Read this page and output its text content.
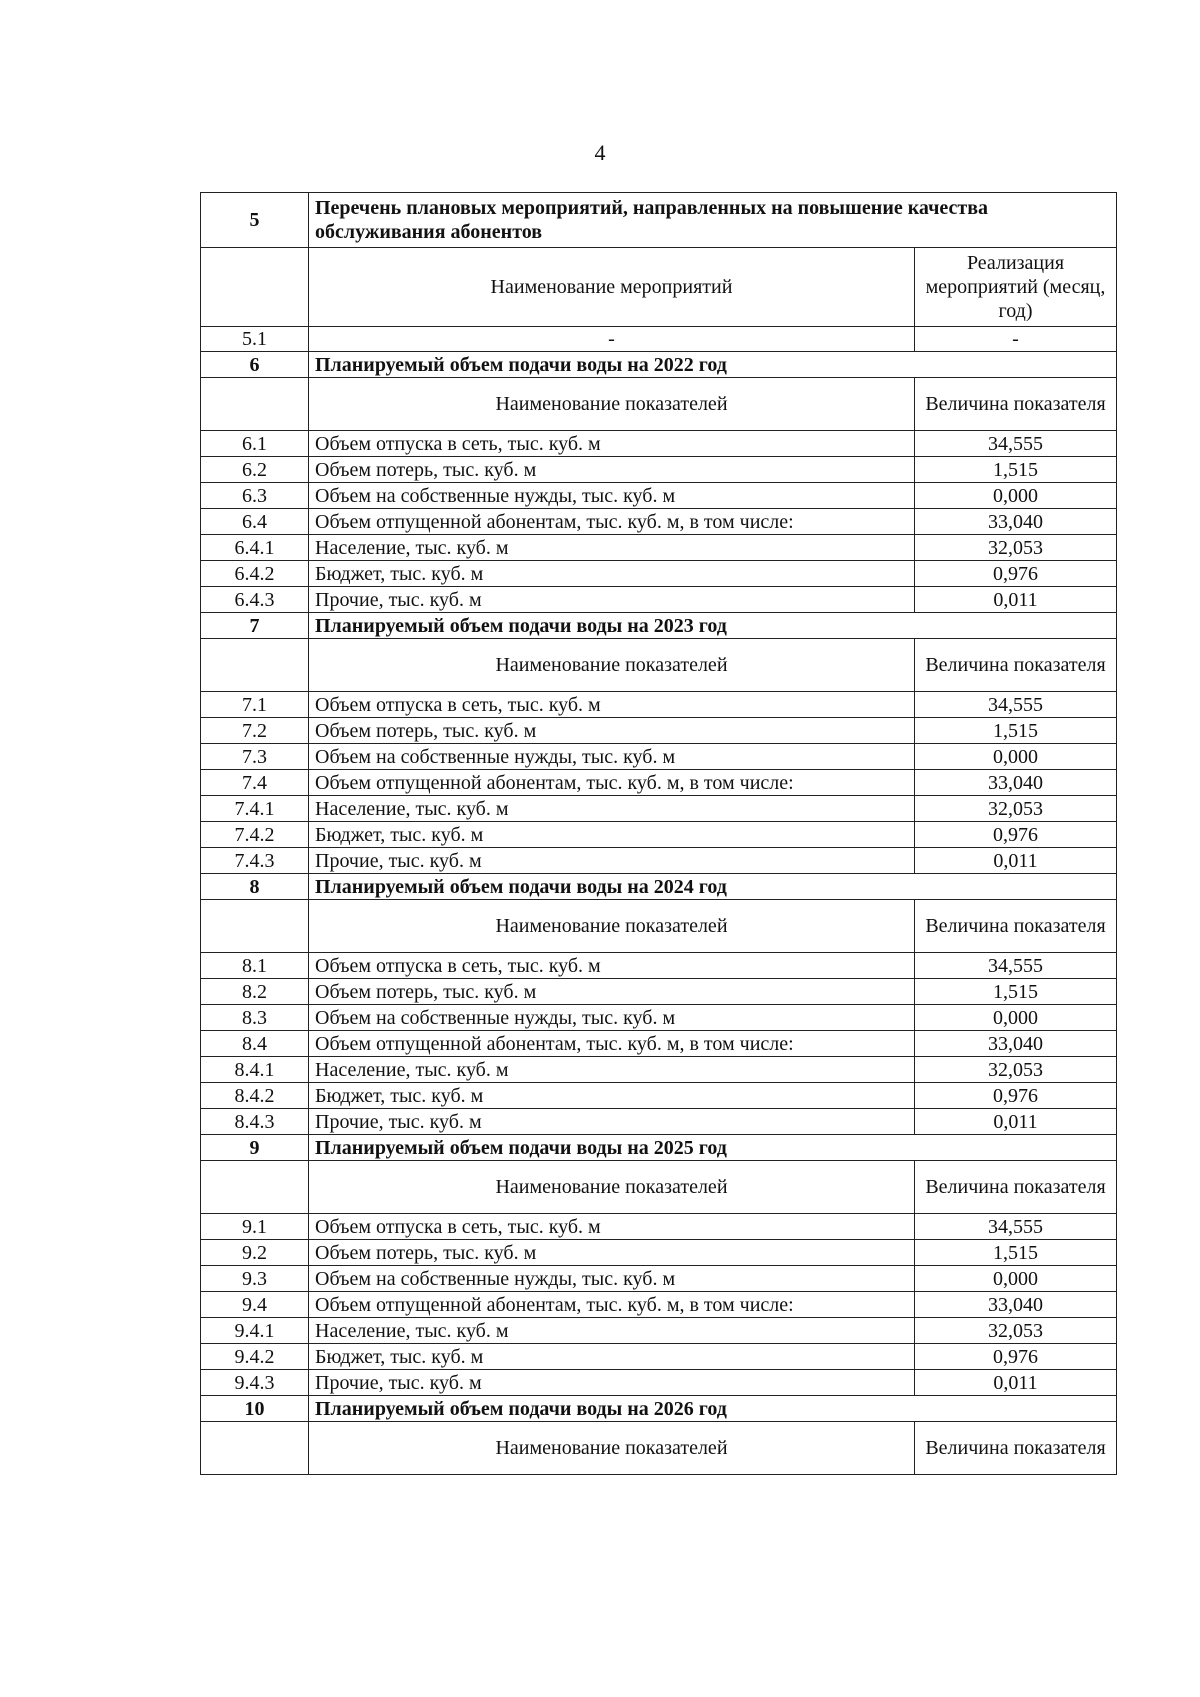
4
5	Перечень плановых мероприятий, направленных на повышение качества обслуживания абонентов	
	Наименование мероприятий	Реализация мероприятий (месяц, год)
5.1	-	-
6	Планируемый объем подачи воды на 2022 год	
	Наименование показателей	Величина показателя
6.1	Объем отпуска в сеть, тыс. куб. м	34,555
6.2	Объем потерь, тыс. куб. м	1,515
6.3	Объем на собственные нужды, тыс. куб. м	0,000
6.4	Объем отпущенной абонентам, тыс. куб. м, в том числе:	33,040
6.4.1	Население, тыс. куб. м	32,053
6.4.2	Бюджет, тыс. куб. м	0,976
6.4.3	Прочие, тыс. куб. м	0,011
7	Планируемый объем подачи воды на 2023 год	
	Наименование показателей	Величина показателя
7.1	Объем отпуска в сеть, тыс. куб. м	34,555
7.2	Объем потерь, тыс. куб. м	1,515
7.3	Объем на собственные нужды, тыс. куб. м	0,000
7.4	Объем отпущенной абонентам, тыс. куб. м, в том числе:	33,040
7.4.1	Население, тыс. куб. м	32,053
7.4.2	Бюджет, тыс. куб. м	0,976
7.4.3	Прочие, тыс. куб. м	0,011
8	Планируемый объем подачи воды на 2024 год	
	Наименование показателей	Величина показателя
8.1	Объем отпуска в сеть, тыс. куб. м	34,555
8.2	Объем потерь, тыс. куб. м	1,515
8.3	Объем на собственные нужды, тыс. куб. м	0,000
8.4	Объем отпущенной абонентам, тыс. куб. м, в том числе:	33,040
8.4.1	Население, тыс. куб. м	32,053
8.4.2	Бюджет, тыс. куб. м	0,976
8.4.3	Прочие, тыс. куб. м	0,011
9	Планируемый объем подачи воды на 2025 год	
	Наименование показателей	Величина показателя
9.1	Объем отпуска в сеть, тыс. куб. м	34,555
9.2	Объем потерь, тыс. куб. м	1,515
9.3	Объем на собственные нужды, тыс. куб. м	0,000
9.4	Объем отпущенной абонентам, тыс. куб. м, в том числе:	33,040
9.4.1	Население, тыс. куб. м	32,053
9.4.2	Бюджет, тыс. куб. м	0,976
9.4.3	Прочие, тыс. куб. м	0,011
10	Планируемый объем подачи воды на 2026 год	
	Наименование показателей	Величина показателя
